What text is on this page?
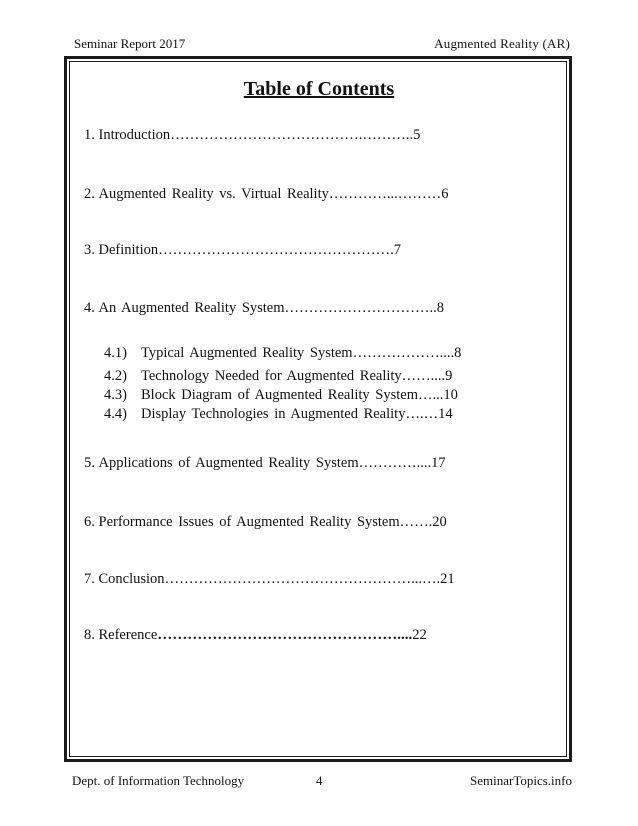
Seminar Report 2017	Augmented Reality (AR)
Table of Contents
1. Introduction………………………………….………..5
2. Augmented Reality vs. Virtual Reality…………...………6
3. Definition………………………………………….7
4. An Augmented Reality System…………………………..8
4.1) Typical Augmented Reality System………………....8
4.2) Technology Needed for Augmented Reality……....9
4.3) Block Diagram of Augmented Reality System…...10
4.4) Display Technologies in Augmented Reality….…14
5. Applications of Augmented Reality System…………....17
6. Performance Issues of Augmented Reality System…….20
7. Conclusion……………………………………………...….21
8. Reference…………………………………………....22
Dept. of Information Technology	4	SeminarTopics.info
